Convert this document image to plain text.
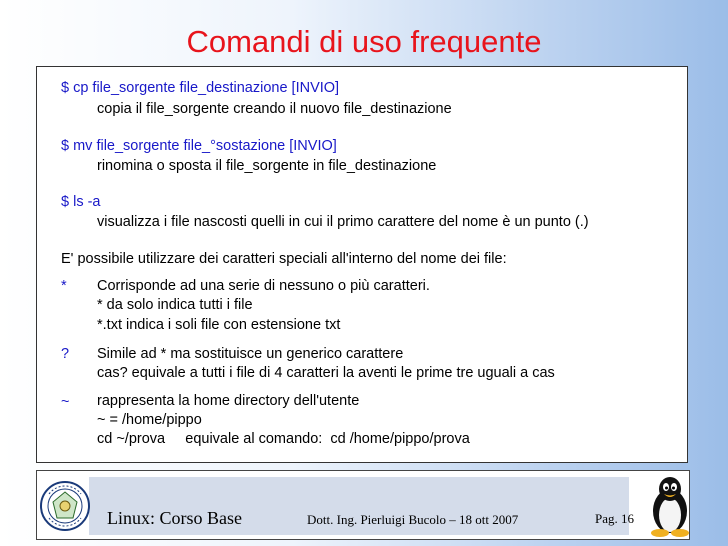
Comandi di uso frequente
$ cp file_sorgente file_destinazione [INVIO]
copia il file_sorgente creando il nuovo file_destinazione
$ mv file_sorgente file_°sostazione [INVIO]
rinomina o sposta il file_sorgente in file_destinazione
$ ls -a
visualizza i file nascosti quelli in cui il primo carattere del nome è un punto (.)
E' possibile utilizzare dei caratteri speciali all'interno del nome dei file:
* Corrisponde ad una serie di nessuno o più caratteri.
* da solo indica tutti i file
*.txt indica i soli file con estensione txt
? Simile ad * ma sostituisce un generico carattere
cas? equivale a tutti i file di 4 caratteri la aventi le prime tre uguali a cas
~ rappresenta la home directory dell'utente
~ = /home/pippo
cd ~/prova     equivale al comando:  cd /home/pippo/prova
Linux: Corso Base	Dott. Ing. Pierluigi Bucolo – 18 ott 2007	Pag. 16
